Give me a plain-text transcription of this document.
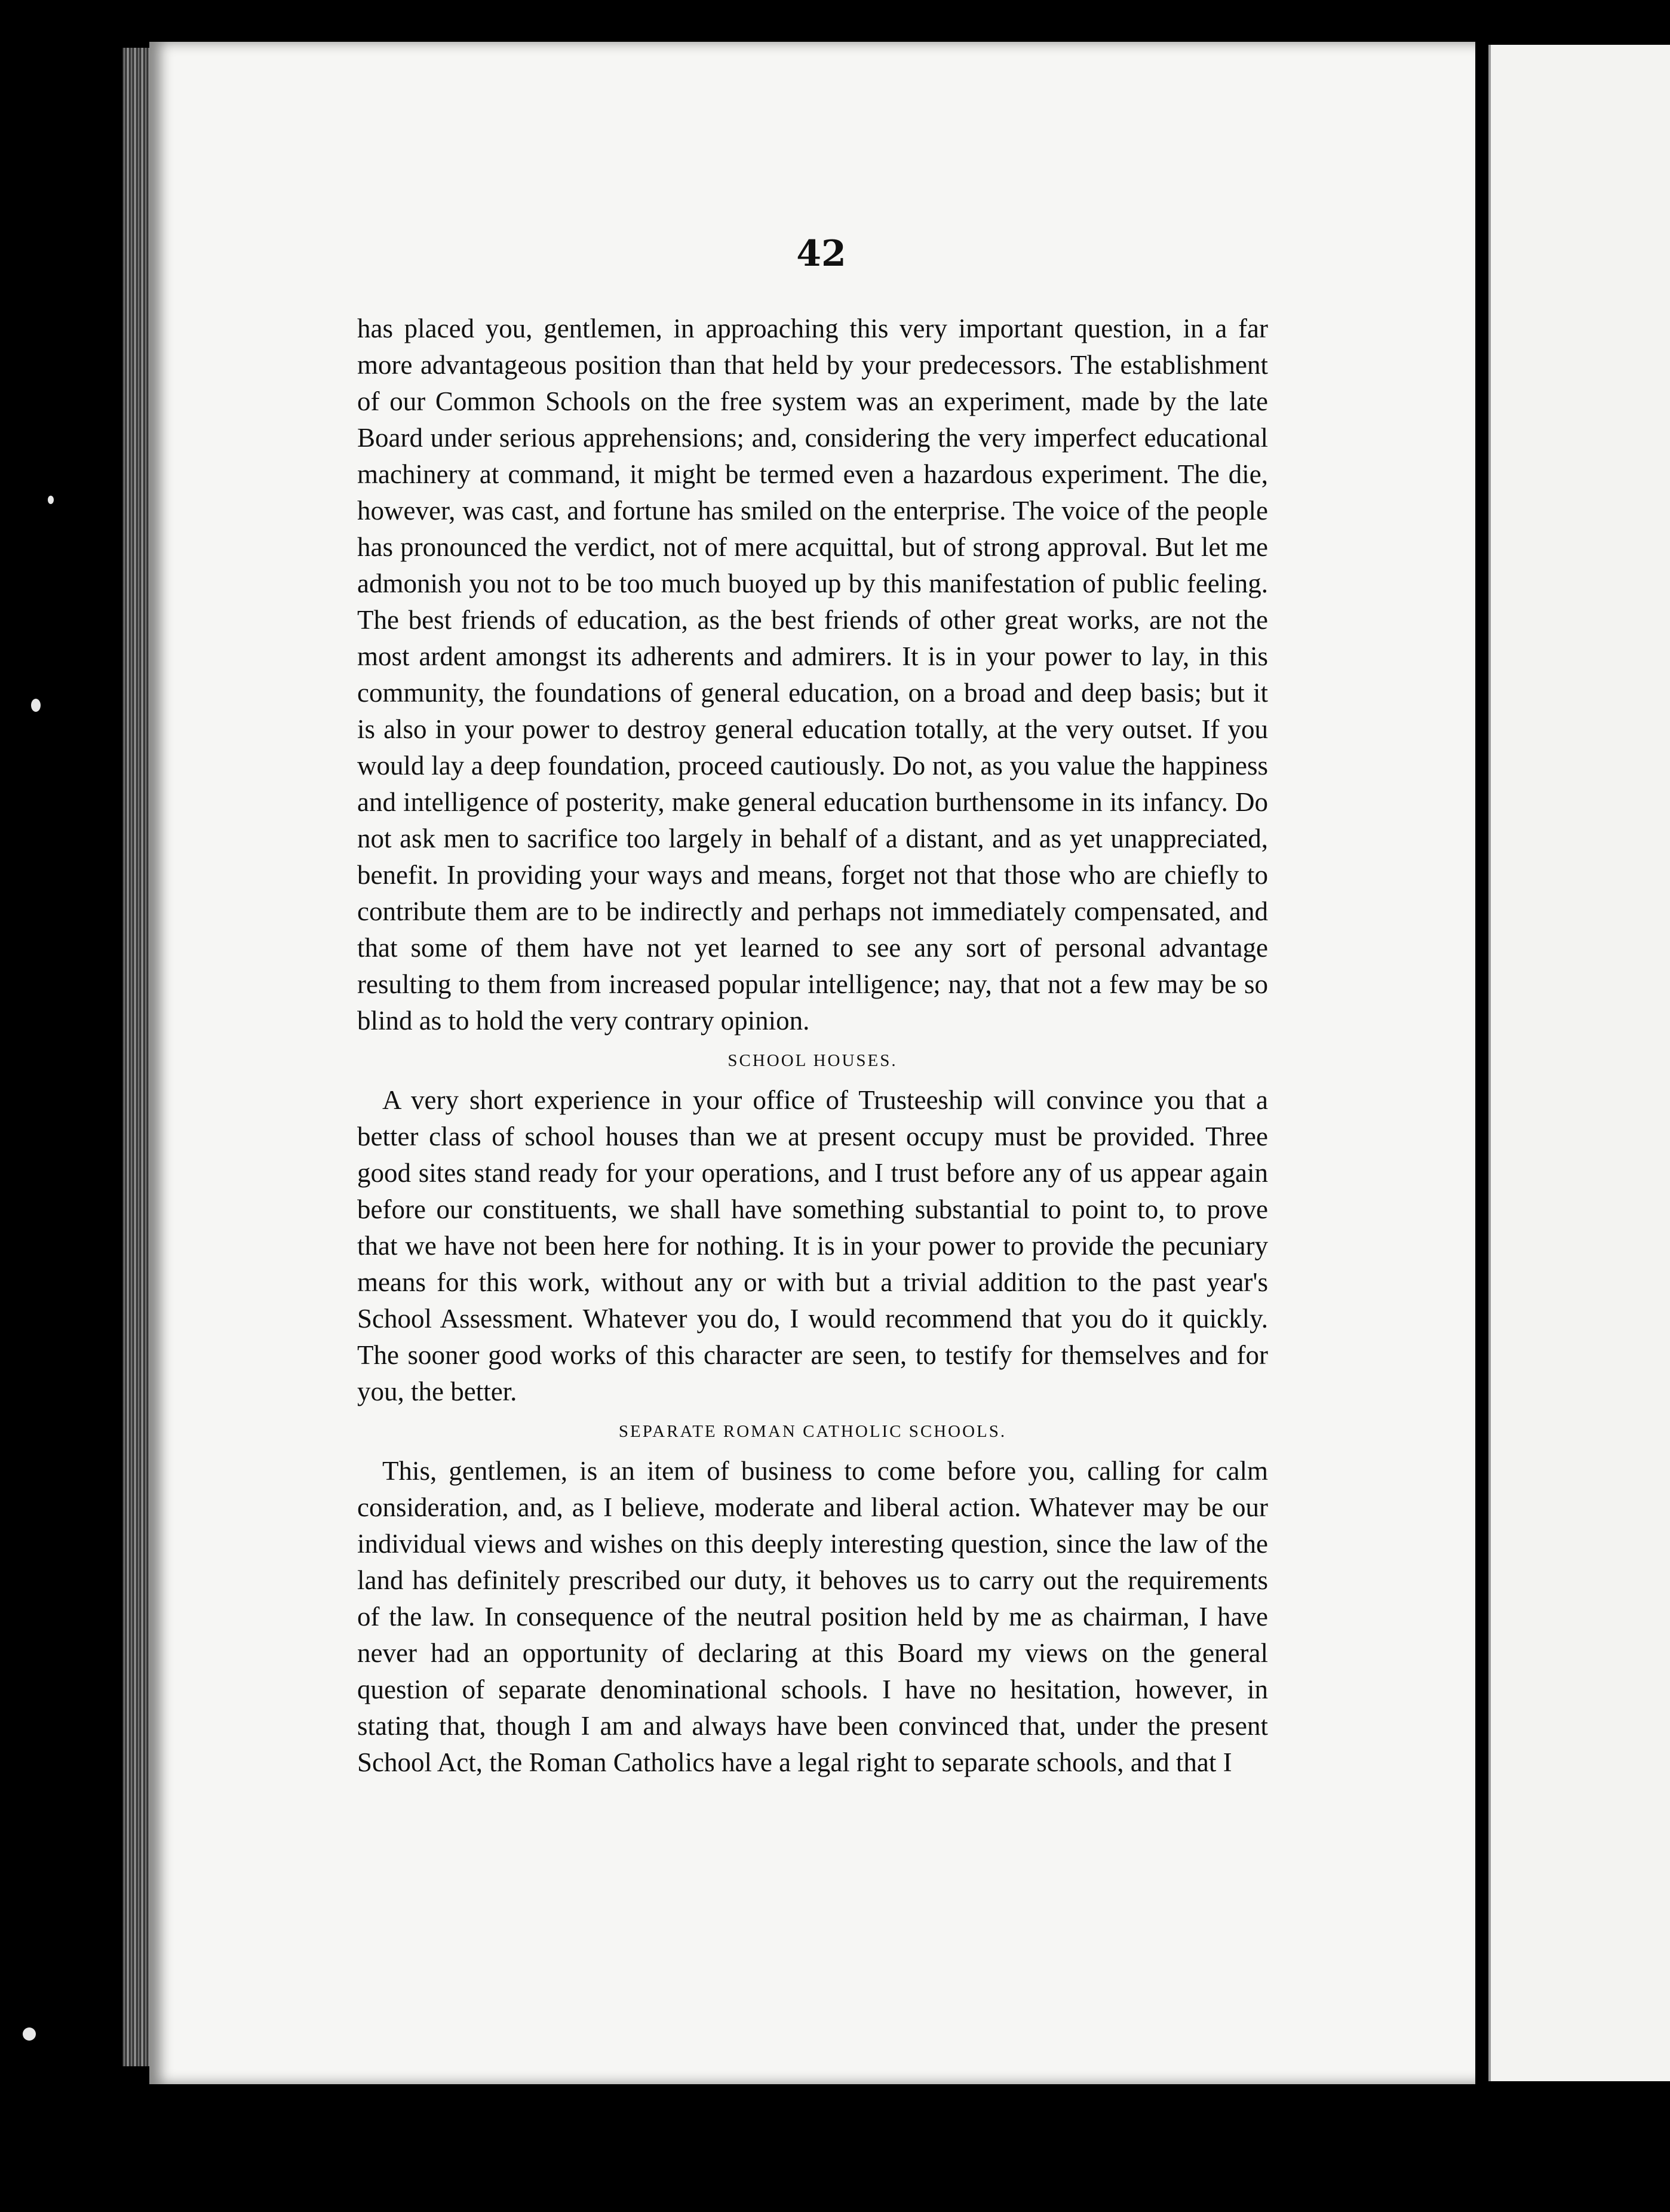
42

has placed you, gentlemen, in approaching this very important question, in a far more advantageous position than that held by your predecessors. The establishment of our Common Schools on the free system was an experiment, made by the late Board under serious apprehensions; and, considering the very imperfect educational machinery at command, it might be termed even a hazardous experiment. The die, however, was cast, and fortune has smiled on the enterprise. The voice of the people has pronounced the verdict, not of mere acquittal, but of strong approval. But let me admonish you not to be too much buoyed up by this manifestation of public feeling. The best friends of education, as the best friends of other great works, are not the most ardent amongst its adherents and admirers. It is in your power to lay, in this community, the foundations of general education, on a broad and deep basis; but it is also in your power to destroy general education totally, at the very outset. If you would lay a deep foundation, proceed cautiously. Do not, as you value the happiness and intelligence of posterity, make general education burthensome in its infancy. Do not ask men to sacrifice too largely in behalf of a distant, and as yet unappreciated, benefit. In providing your ways and means, forget not that those who are chiefly to contribute them are to be indirectly and perhaps not immediately compensated, and that some of them have not yet learned to see any sort of personal advantage resulting to them from increased popular intelligence; nay, that not a few may be so blind as to hold the very contrary opinion.

SCHOOL HOUSES.

A very short experience in your office of Trusteeship will convince you that a better class of school houses than we at present occupy must be provided. Three good sites stand ready for your operations, and I trust before any of us appear again before our constituents, we shall have something substantial to point to, to prove that we have not been here for nothing. It is in your power to provide the pecuniary means for this work, without any or with but a trivial addition to the past year's School Assessment. Whatever you do, I would recommend that you do it quickly. The sooner good works of this character are seen, to testify for themselves and for you, the better.

SEPARATE ROMAN CATHOLIC SCHOOLS.

This, gentlemen, is an item of business to come before you, calling for calm consideration, and, as I believe, moderate and liberal action. Whatever may be our individual views and wishes on this deeply interesting question, since the law of the land has definitely prescribed our duty, it behoves us to carry out the requirements of the law. In consequence of the neutral position held by me as chairman, I have never had an opportunity of declaring at this Board my views on the general question of separate denominational schools. I have no hesitation, however, in stating that, though I am and always have been convinced that, under the present School Act, the Roman Catholics have a legal right to separate schools, and that I
